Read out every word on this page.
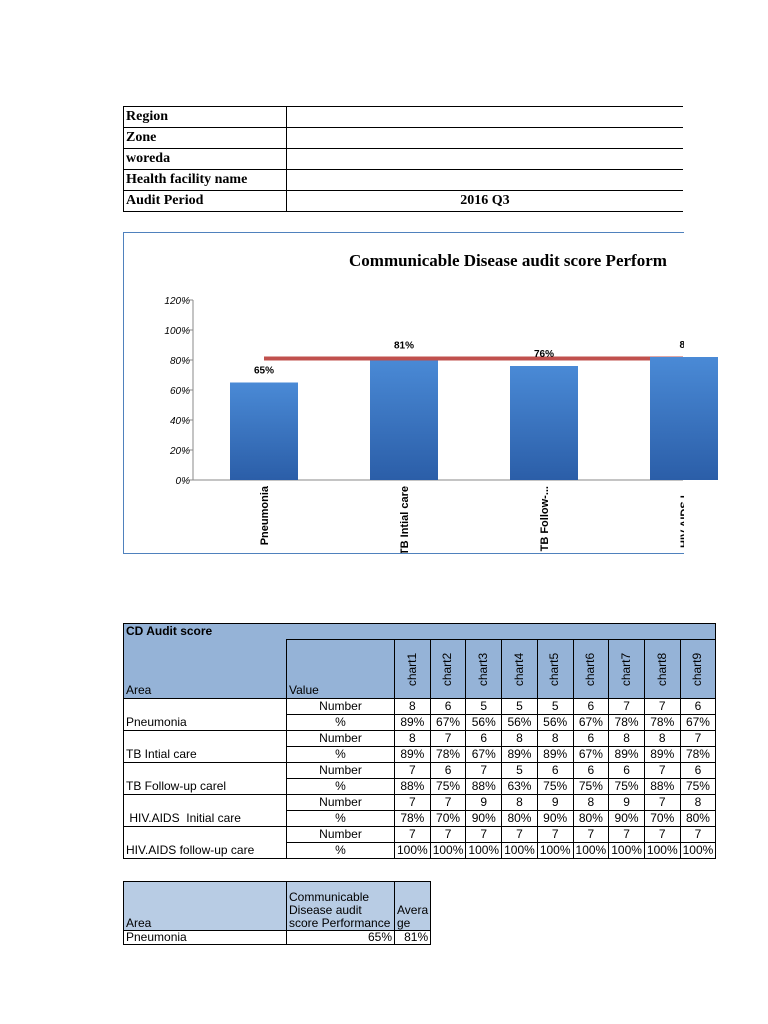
Region	
Zone	
woreda	
Health facility name	
Audit Period	2016 Q3
Communicable Disease audit score Perform
120%
100%
80%
60%
40%
20%
0%
65%
81%
76%
8:
Pneumonia	TB Intial care	TB Follow-...	HIV.AIDS I...
CD Audit score										
Area	Value	chart1	chart2	chart3	chart4	chart5	chart6	chart7	chart8	chart9
	Number	8	6	5	5	5	6	7	7	6
Pneumonia	%	89%	67%	56%	56%	56%	67%	78%	78%	67%
	Number	8	7	6	8	8	6	8	8	7
TB Intial care	%	89%	78%	67%	89%	89%	67%	89%	89%	78%
	Number	7	6	7	5	6	6	6	7	6
TB Follow-up carel	%	88%	75%	88%	63%	75%	75%	75%	88%	75%
	Number	7	7	9	8	9	8	9	7	8
HIV.AIDS  Initial care	%	78%	70%	90%	80%	90%	80%	90%	70%	80%
	Number	7	7	7	7	7	7	7	7	7
HIV.AIDS follow-up care	%	100%	100%	100%	100%	100%	100%	100%	100%	100%
Area	Communicable Disease audit score Performance	Avera ge
Pneumonia	65%	81%
